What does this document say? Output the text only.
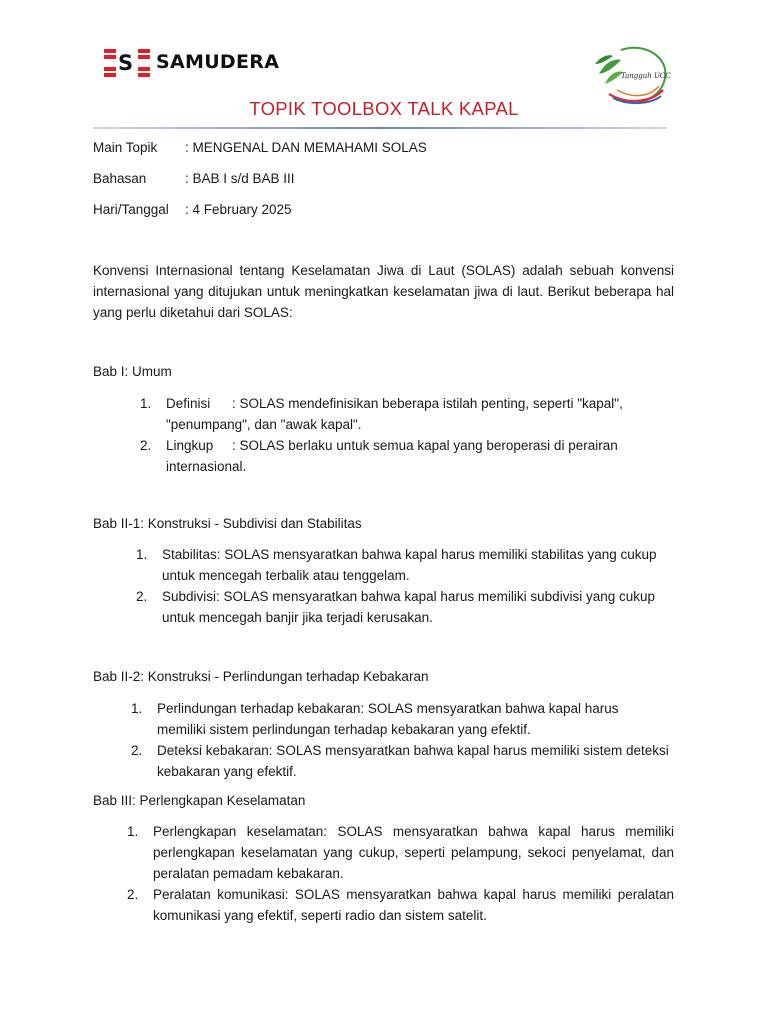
S SAMUDERA
Tangguh UCC
TOPIK TOOLBOX TALK KAPAL
Main Topik : MENGENAL DAN MEMAHAMI SOLAS
Bahasan	: BAB I s/d BAB III
Hari/Tanggal : 4 February 2025
Konvensi Internasional tentang Keselamatan Jiwa di Laut (SOLAS) adalah sebuah konvensi internasional yang ditujukan untuk meningkatkan keselamatan jiwa di laut. Berikut beberapa hal yang perlu diketahui dari SOLAS:
Bab I: Umum
1. Definisi : SOLAS mendefinisikan beberapa istilah penting, seperti "kapal", "penumpang", dan "awak kapal".
2. Lingkup : SOLAS berlaku untuk semua kapal yang beroperasi di perairan internasional.
Bab II-1: Konstruksi - Subdivisi dan Stabilitas
1. Stabilitas: SOLAS mensyaratkan bahwa kapal harus memiliki stabilitas yang cukup untuk mencegah terbalik atau tenggelam.
2. Subdivisi: SOLAS mensyaratkan bahwa kapal harus memiliki subdivisi yang cukup untuk mencegah banjir jika terjadi kerusakan.
Bab II-2: Konstruksi - Perlindungan terhadap Kebakaran
1. Perlindungan terhadap kebakaran: SOLAS mensyaratkan bahwa kapal harus memiliki sistem perlindungan terhadap kebakaran yang efektif.
2. Deteksi kebakaran: SOLAS mensyaratkan bahwa kapal harus memiliki sistem deteksi kebakaran yang efektif.
Bab III: Perlengkapan Keselamatan
1. Perlengkapan keselamatan: SOLAS mensyaratkan bahwa kapal harus memiliki perlengkapan keselamatan yang cukup, seperti pelampung, sekoci penyelamat, dan peralatan pemadam kebakaran.
2. Peralatan komunikasi: SOLAS mensyaratkan bahwa kapal harus memiliki peralatan komunikasi yang efektif, seperti radio dan sistem satelit.
